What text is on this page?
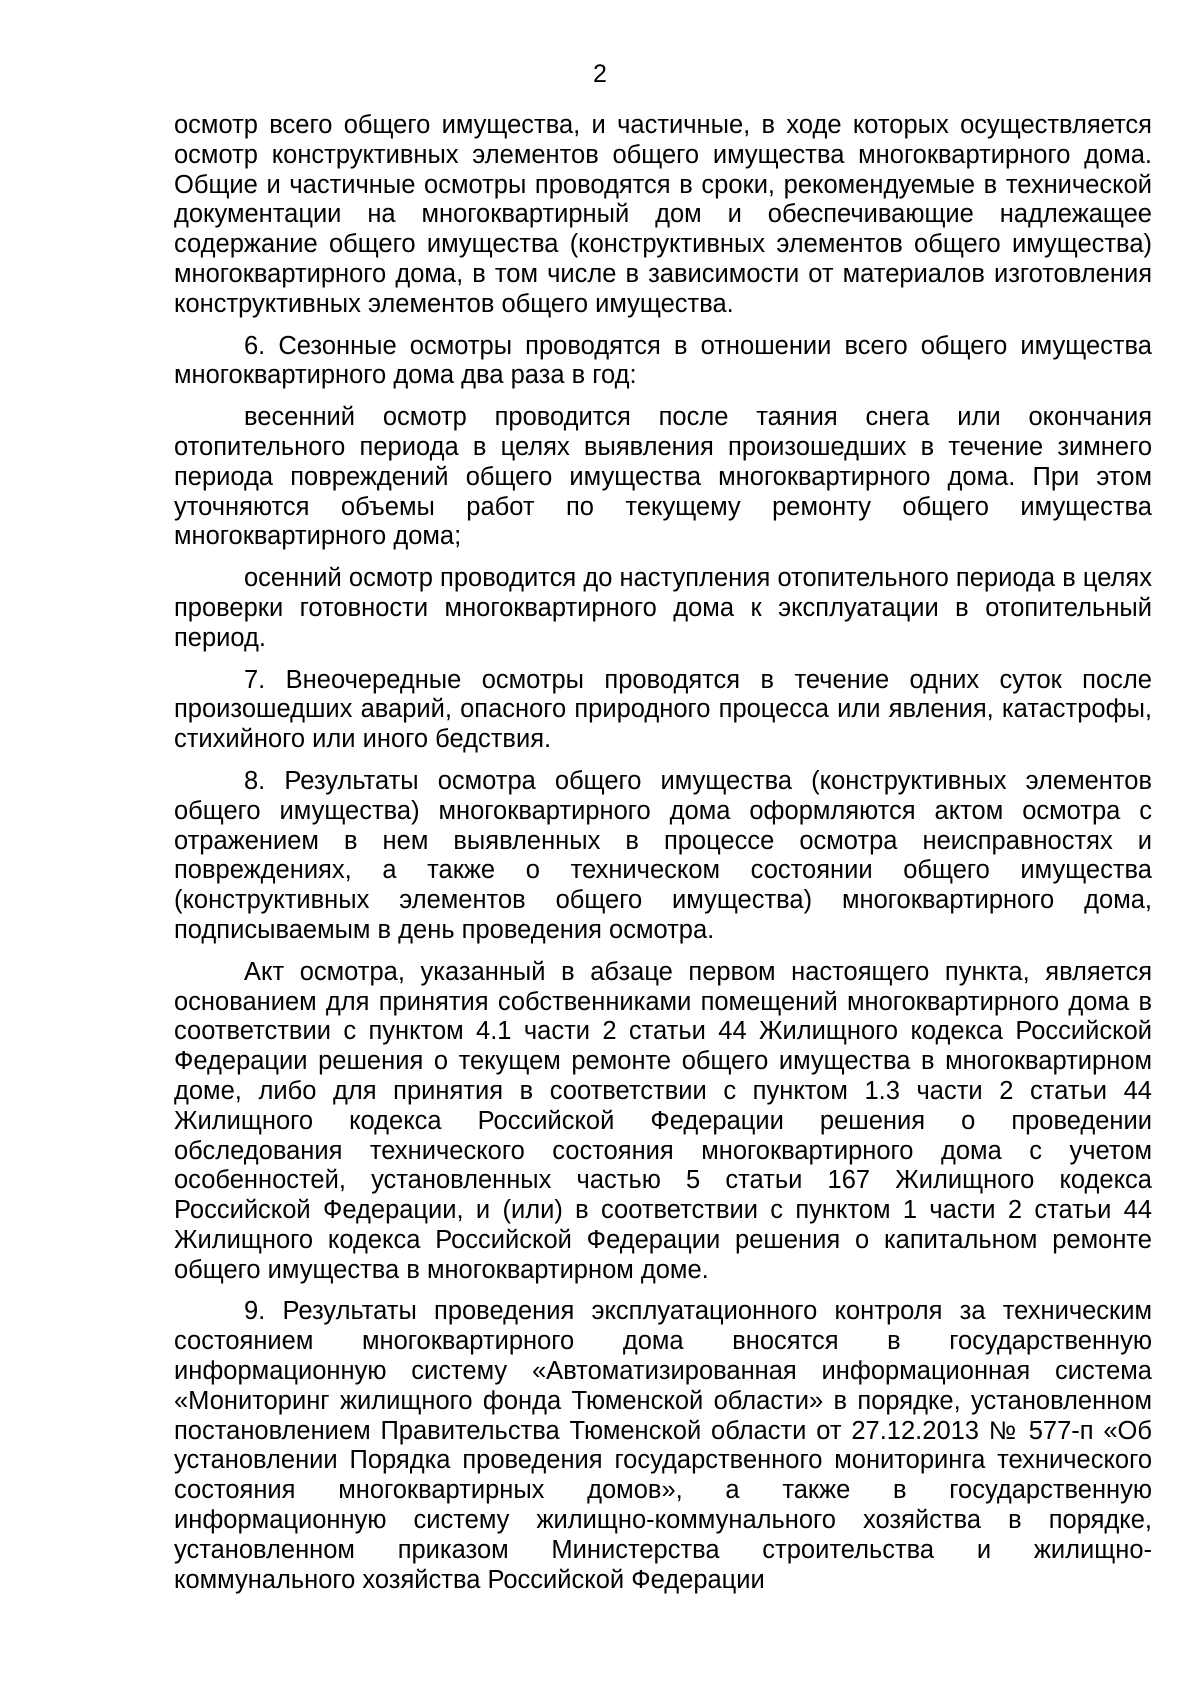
2

осмотр всего общего имущества, и частичные, в ходе которых осуществляется осмотр конструктивных элементов общего имущества многоквартирного дома. Общие и частичные осмотры проводятся в сроки, рекомендуемые в технической документации на многоквартирный дом и обеспечивающие надлежащее содержание общего имущества (конструктивных элементов общего имущества) многоквартирного дома, в том числе в зависимости от материалов изготовления конструктивных элементов общего имущества.

6. Сезонные осмотры проводятся в отношении всего общего имущества многоквартирного дома два раза в год:

весенний осмотр проводится после таяния снега или окончания отопительного периода в целях выявления произошедших в течение зимнего периода повреждений общего имущества многоквартирного дома. При этом уточняются объемы работ по текущему ремонту общего имущества многоквартирного дома;

осенний осмотр проводится до наступления отопительного периода в целях проверки готовности многоквартирного дома к эксплуатации в отопительный период.

7. Внеочередные осмотры проводятся в течение одних суток после произошедших аварий, опасного природного процесса или явления, катастрофы, стихийного или иного бедствия.

8. Результаты осмотра общего имущества (конструктивных элементов общего имущества) многоквартирного дома оформляются актом осмотра с отражением в нем выявленных в процессе осмотра неисправностях и повреждениях, а также о техническом состоянии общего имущества (конструктивных элементов общего имущества) многоквартирного дома, подписываемым в день проведения осмотра.

Акт осмотра, указанный в абзаце первом настоящего пункта, является основанием для принятия собственниками помещений многоквартирного дома в соответствии с пунктом 4.1 части 2 статьи 44 Жилищного кодекса Российской Федерации решения о текущем ремонте общего имущества в многоквартирном доме, либо для принятия в соответствии с пунктом 1.3 части 2 статьи 44 Жилищного кодекса Российской Федерации решения о проведении обследования технического состояния многоквартирного дома с учетом особенностей, установленных частью 5 статьи 167 Жилищного кодекса Российской Федерации, и (или) в соответствии с пунктом 1 части 2 статьи 44 Жилищного кодекса Российской Федерации решения о капитальном ремонте общего имущества в многоквартирном доме.

9. Результаты проведения эксплуатационного контроля за техническим состоянием многоквартирного дома вносятся в государственную информационную систему «Автоматизированная информационная система «Мониторинг жилищного фонда Тюменской области» в порядке, установленном постановлением Правительства Тюменской области от 27.12.2013 № 577-п «Об установлении Порядка проведения государственного мониторинга технического состояния многоквартирных домов», а также в государственную информационную систему жилищно-коммунального хозяйства в порядке, установленном приказом Министерства строительства и жилищно-коммунального хозяйства Российской Федерации
